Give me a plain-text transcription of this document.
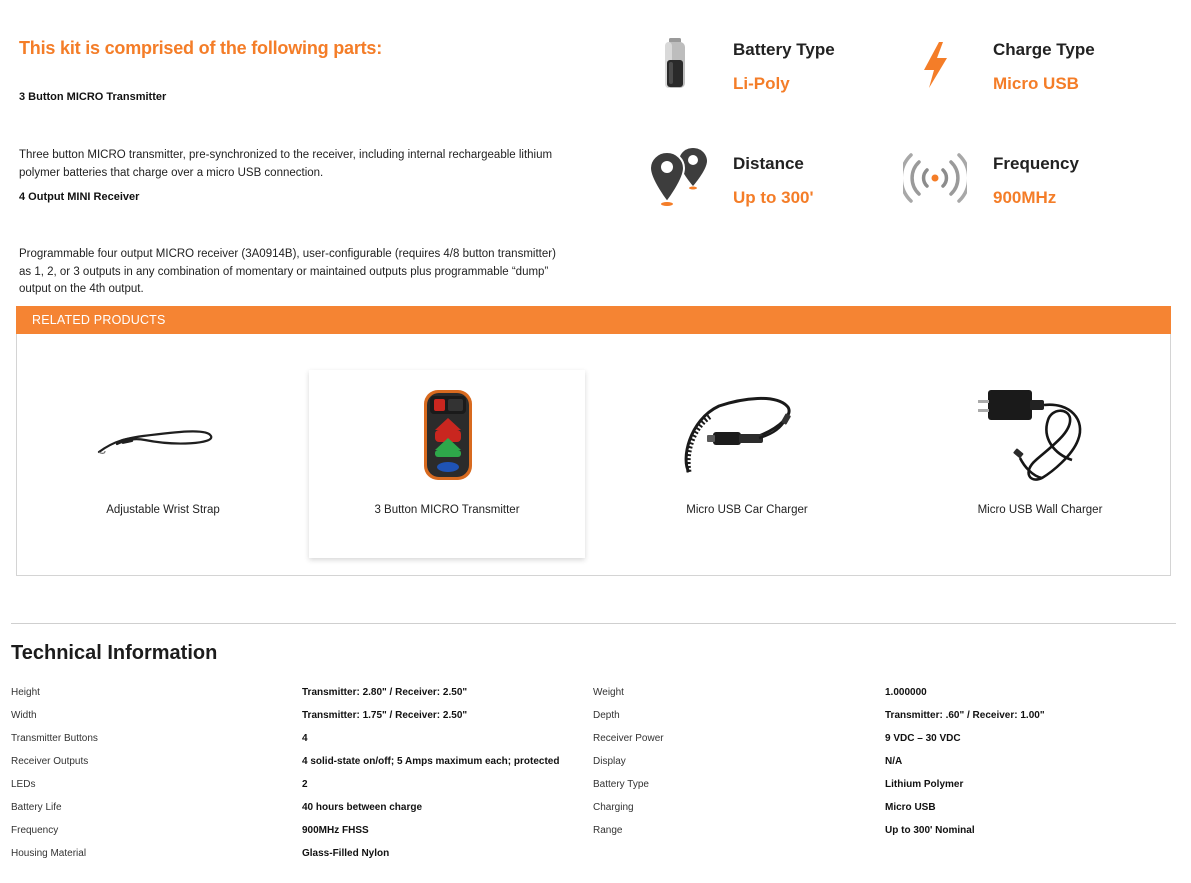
This kit is comprised of the following parts:
3 Button MICRO Transmitter
Three button MICRO transmitter, pre-synchronized to the receiver, including internal rechargeable lithium polymer batteries that charge over a micro USB connection.
4 Output MINI Receiver
Programmable four output MICRO receiver (3A0914B), user-configurable (requires 4/8 button transmitter) as 1, 2, or 3 outputs in any combination of momentary or maintained outputs plus programmable “dump” output on the 4th output.
Battery Type
Li-Poly
Charge Type
Micro USB
Distance
Up to 300'
Frequency
900MHz
RELATED PRODUCTS
Adjustable Wrist Strap	3 Button MICRO Transmitter	Micro USB Car Charger	Micro USB Wall Charger
Technical Information
Height	Transmitter: 2.80" / Receiver: 2.50"	Weight	1.000000
Width	Transmitter: 1.75" / Receiver: 2.50"	Depth	Transmitter: .60" / Receiver: 1.00"
Transmitter Buttons	4	Receiver Power	9 VDC – 30 VDC
Receiver Outputs	4 solid-state on/off; 5 Amps maximum each; protected	Display	N/A
LEDs	2	Battery Type	Lithium Polymer
Battery Life	40 hours between charge	Charging	Micro USB
Frequency	900MHz FHSS	Range	Up to 300' Nominal
Housing Material	Glass-Filled Nylon
